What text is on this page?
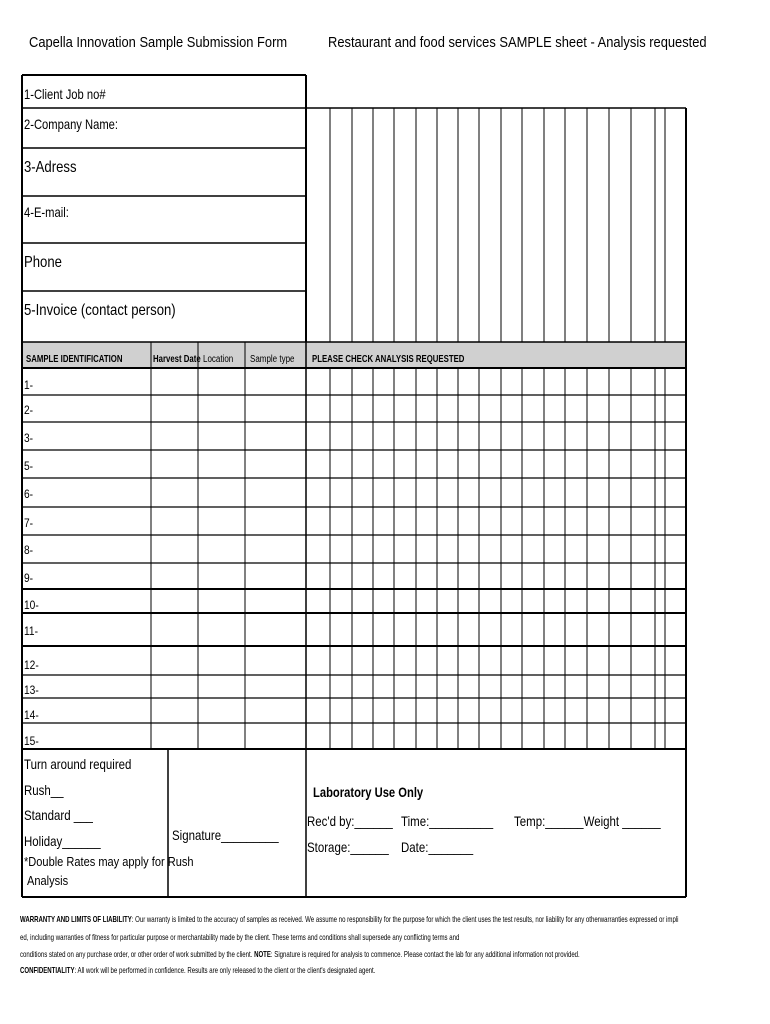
Capella Innovation Sample Submission Form	Restaurant and food services SAMPLE sheet - Analysis requested
1-Client Job no#
2-Company Name:
3-Adress
4-E-mail:
Phone
5-Invoice (contact person)
SAMPLE IDENTIFICATION	Harvest Date Location Sample type PLEASE CHECK ANALYSIS REQUESTED
1-
2-
3-
5-
6-
7-
8-
9-
10-
11-
12-
13-
14-
15-
Turn around required
Rush__
Standard ___
Holiday______
*Double Rates may apply for Rush
Analysis
Signature_________
Laboratory Use Only
Rec'd by:______ Time:__________ Temp:______Weight ______
Storage:______ Date:_______
WARRANTY AND LIMITS OF LIABILITY: Our warranty is limited to the accuracy of samples as received. We assume no responsibility for the purpose for which the client uses the test results, nor liability for any otherwarranties expressed or impli
ed, including warranties of fitness for particular purpose or merchantability made by the client. These terms and conditions shall supersede any conflicting terms and
conditions stated on any purchase order, or other order of work submitted by the client. NOTE: Signature is required for analysis to commence. Please contact the lab for any additional information not provided.
CONFIDENTIALITY: All work will be performed in confidence. Results are only released to the client or the client's designated agent.
